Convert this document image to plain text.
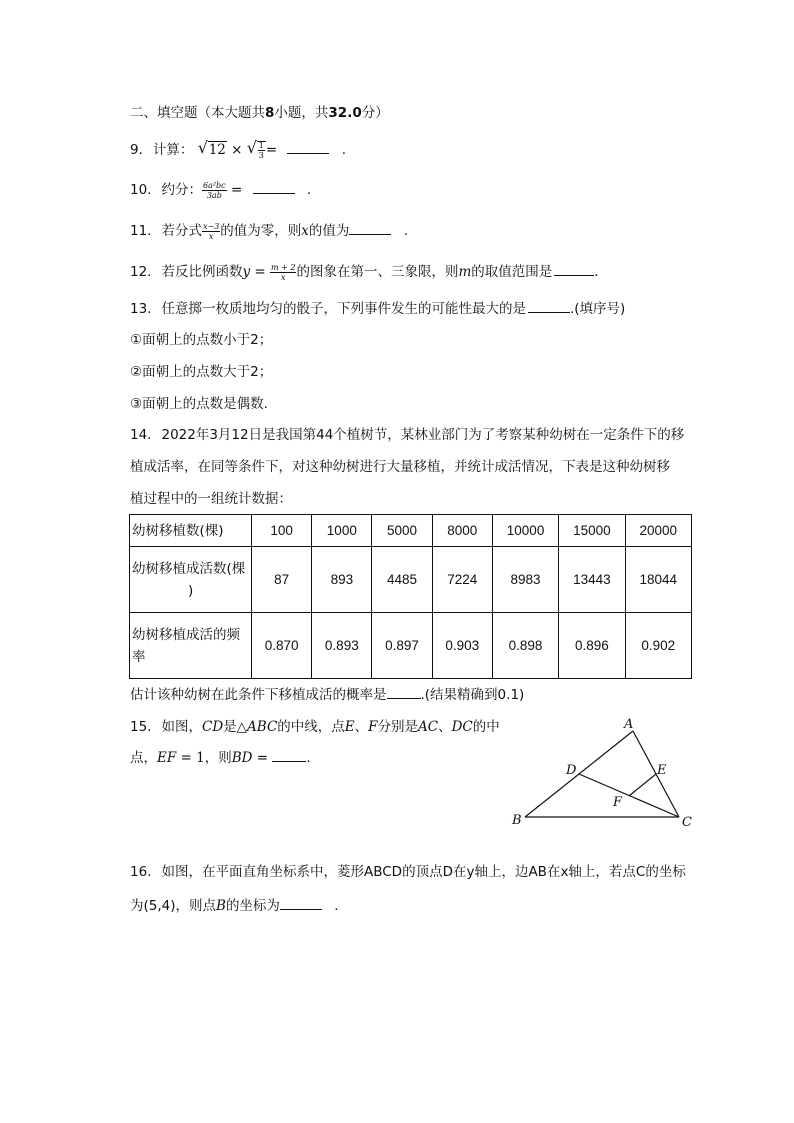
二、填空题（本大题共8小题，共32.0分）
9. 计算： √ 12 × √ $\frac{1}{3}$ =	.
10. 约分： $\frac{\text{6a²bc}}{3ab}$ =	.
11. 若分式 $\frac{x-3}{x}$ 的值为零，则x的值为	.
12. 若反比例函数$y = \frac{m + 2}{x}$ 的图象在第一、三象限，则m的取值范围是	.
13. 任意掷一枚质地均匀的骰子，下列事件发生的可能性最大的是	.(填序号)
①面朝上的点数小于2；
②面朝上的点数大于2；
③面朝上的点数是偶数.
14. 2022年3月12日是我国第44个植树节，某林业部门为了考察某种幼树在一定条件下的移
植成活率，在同等条件下，对这种幼树进行大量移植，并统计成活情况，下表是这种幼树移
植过程中的一组统计数据：
幼树移植数(棵)	100	1000	5000	8000	10000	15000	20000
幼树移植成活数(棵
)	87	893	4485	7224	8983	13443	18044
幼树移植成活的频
率	0.870	0.893	0.897	0.903	0.898	0.896	0.902
估计该种幼树在此条件下移植成活的概率是	.(结果精确到0.1)
15. 如图，CD是△ABC的中线，点E、F分别是AC、DC的中
点，EF = 1，则BD =	.
A
B	C
D	E
F
16. 如图，在平面直角坐标系中，菱形ABCD的顶点D在y轴上，边AB在x轴上，若点C的坐标
为(5,4)，则点B的坐标为	.
